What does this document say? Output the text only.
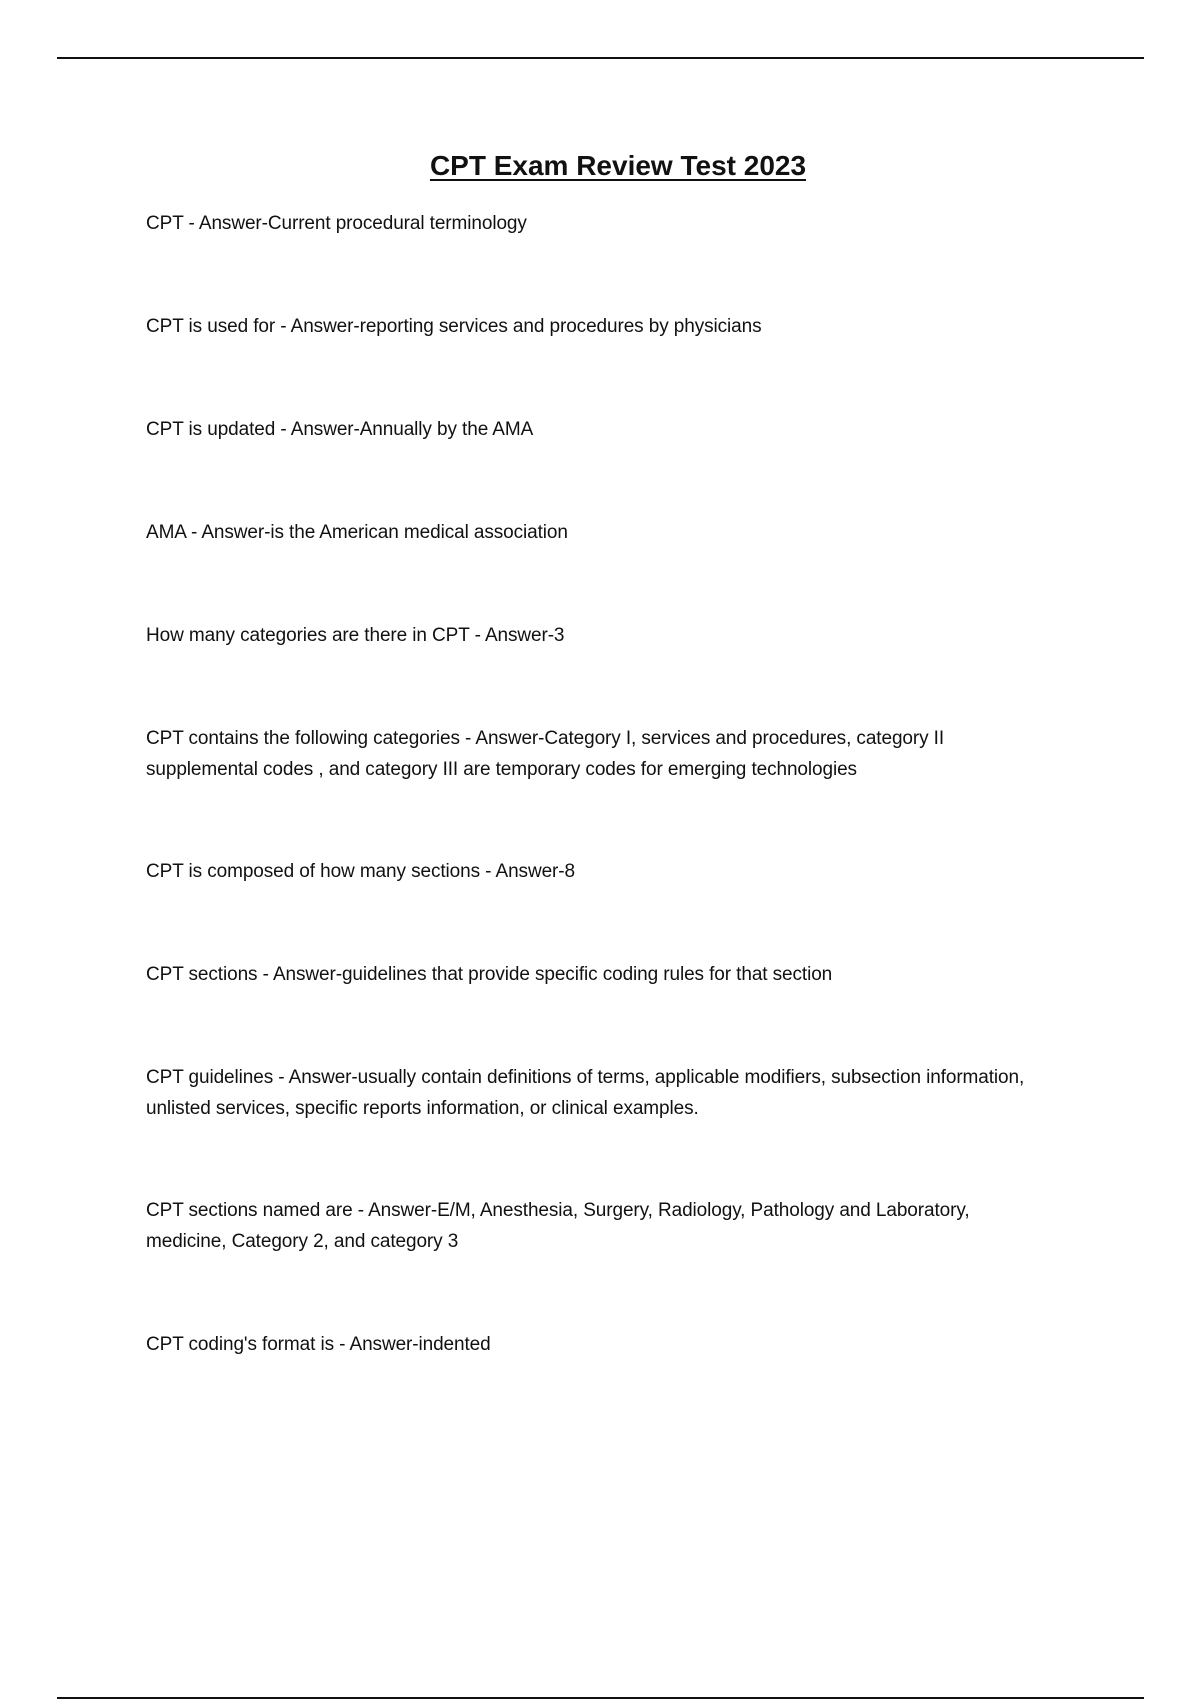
CPT Exam Review Test 2023

CPT - Answer-Current procedural terminology

CPT is used for - Answer-reporting services and procedures by physicians

CPT is updated - Answer-Annually by the AMA

AMA - Answer-is the American medical association

How many categories are there in CPT - Answer-3

CPT contains the following categories - Answer-Category I, services and procedures, category II supplemental codes , and category III are temporary codes for emerging technologies

CPT is composed of how many sections - Answer-8

CPT sections - Answer-guidelines that provide specific coding rules for that section

CPT guidelines - Answer-usually contain definitions of terms, applicable modifiers, subsection information, unlisted services, specific reports information, or clinical examples.

CPT sections named are - Answer-E/M, Anesthesia, Surgery, Radiology, Pathology and Laboratory, medicine, Category 2, and category 3

CPT coding's format is - Answer-indented
